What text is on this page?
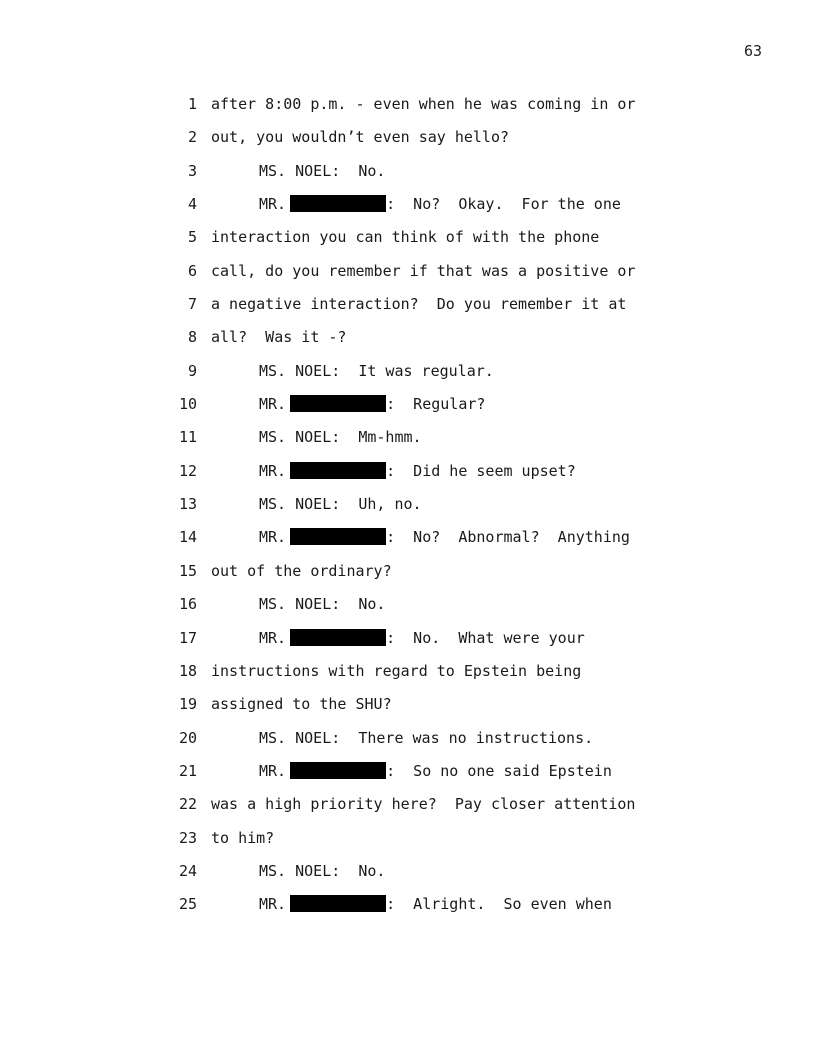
63
1 after 8:00 p.m. - even when he was coming in or
2 out, you wouldn’t even say hello?
3	MS. NOEL:  No.
4	MR.	:  No?  Okay.  For the one
5 interaction you can think of with the phone
6 call, do you remember if that was a positive or
7 a negative interaction?  Do you remember it at
8 all?  Was it -?
9	MS. NOEL:  It was regular.
10	MR.	:  Regular?
11	MS. NOEL:  Mm-hmm.
12	MR.	:  Did he seem upset?
13	MS. NOEL:  Uh, no.
14	MR.	:  No?  Abnormal?  Anything
15 out of the ordinary?
16	MS. NOEL:  No.
17	MR.	:  No.  What were your
18 instructions with regard to Epstein being
19 assigned to the SHU?
20	MS. NOEL:  There was no instructions.
21	MR.	:  So no one said Epstein
22 was a high priority here?  Pay closer attention
23 to him?
24	MS. NOEL:  No.
25	MR.	:  Alright.  So even when
